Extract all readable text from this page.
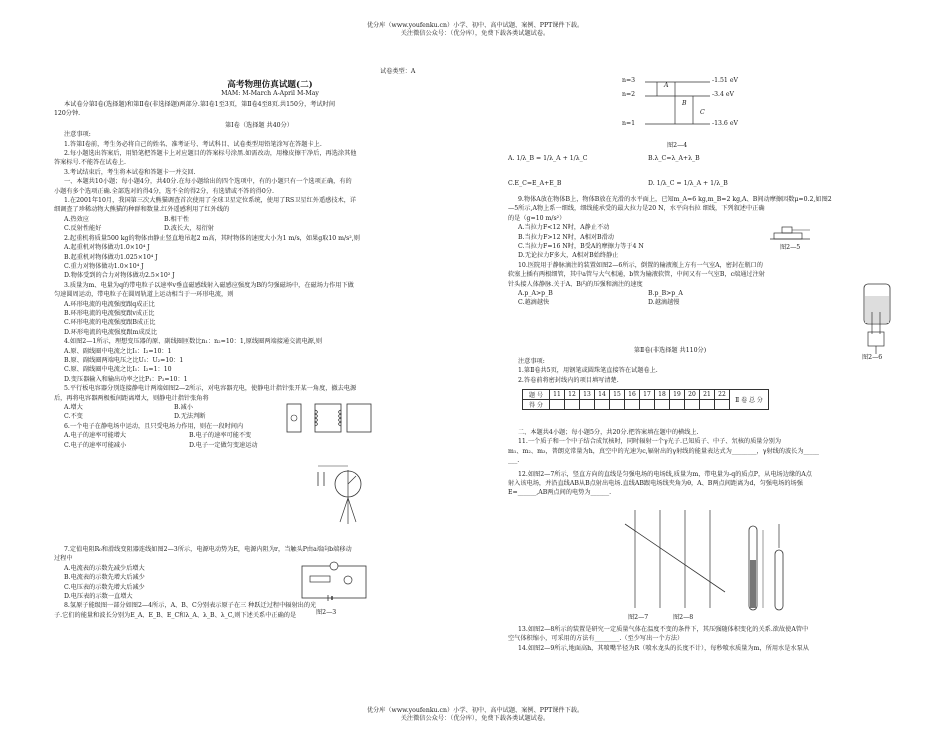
优分库（www.youfenku.cn）小学、初中、高中试题、案例、PPT课件下载。
关注微信公众号：（优分库），免费下载各类试题试卷。
优分库（www.youfenku.cn）小学、初中、高中试题、案例、PPT课件下载。
关注微信公众号：（优分库），免费下载各类试题试卷。
试卷类型：A
高考物理仿真试题(二)
MAM: M-March A-April M-May
本试卷分第Ⅰ卷(选择题)和第Ⅱ卷(非选择题)两部分.第Ⅰ卷1至3页，第Ⅱ卷4至8页.共150分，考试时间
120分钟.
第Ⅰ卷（选择题 共40分）
注意事项:
1.答第Ⅰ卷前，考生务必将自己的姓名、准考证号、考试科目、试卷类型用铅笔涂写在答题卡上.
2.每小题选出答案后，用铅笔把答题卡上对应题目的答案标号涂黑.如需改动，用橡皮擦干净后，再选涂其他
答案标号.不能答在试卷上.
3.考试结束后，考生将本试卷和答题卡一并交回.
一、本题共10小题；每小题4分，共40分.在每小题给出的四个选项中，有的小题只有一个选项正确，有的
小题有多个选项正确.全部选对的得4分，选不全的得2分，有选错或不答的得0分.
1.在2001年10月，我国第三次大熊猫调查首次使用了全球卫星定位系统，使用了RS卫星红外遥感技术，详
细调查了珍稀动物大熊猫的种群和数量.红外遥感利用了红外线的
A.热效应	B.相干性
C.反射性能好	D.波长大，易衍射
2.起重机将质量500 kg的物体由静止竖直地吊起2 m高，其时物体的速度大小为1 m/s，如果g取10 m/s²,则
A.起重机对物体做功1.0×10⁴ J
B.起重机对物体做功1.025×10⁴ J
C.重力对物体做功1.0×10⁴ J
D.物体受到的合力对物体做功2.5×10² J
3.质量为m、电量为q的带电粒子以速率v垂直磁感线射入磁感应强度为B的匀强磁场中，在磁场力作用下做
匀速圆周运动，带电粒子在圆周轨道上运动相当于一环形电流，则
A.环形电流的电流强度跟q成正比
B.环形电流的电流强度跟v成正比
C.环形电流的电流强度跟B成正比
D.环形电流的电流强度跟m成反比
4.如图2—1所示，理想变压器的原、副线圈匝数比n₁：n₂=10：1,原线圈两端接通交流电源,则
A.原、副线圈中电流之比I₁：I₂=10：1
B.原、副线圈两端电压之比U₁：U₂=10：1
C.原、副线圈中电流之比I₁：I₂=1：10
D.变压器输入和输出功率之比P₁：P₂=10：1
5.平行板电容器分别连接静电计两端如图2—2所示，对电容器充电，使静电计指针张开某一角度，撤去电源
后，再将电容器两极板间距离增大，则静电计指针张角将
A.增大	B.减小
C.不变	D.无法判断
6.一个电子在静电场中运动，且只受电场力作用，则在一段时间内
A.电子的速率可能增大	B.电子的速率可能不变
C.电子的速率可能减小	D.电子一定做匀变速运动
7.定值电阻R₀和滑线变阻器连线如图2—3所示，电源电动势为E，电源内阻为r，当触头P由a端向b端移动
过程中
A.电流表的示数先减少后增大
B.电流表的示数先增大后减少
C.电压表的示数先增大后减少
D.电压表的示数一直增大
8.氢原子能级图一部分如图2—4所示，A、B、C分别表示原子在三 种跃迁过程中辐射出的光
子.它们的能量和波长分别为E_A、E_B、E_C和λ_A、λ_B、λ_C,则下述关系中正确的是	图2—3
n=3
n=2
n=1
-1.51 eV
-3.4 eV
-13.6 eV
A
B
C
图2—4
A. 1/λ_B = 1/λ_A + 1/λ_C	B.λ_C=λ_A+λ_B
C.E_C=E_A+E_B	D. 1/λ_C = 1/λ_A + 1/λ_B
9.物体A放在物体B上，物体B放在光滑的水平面上，已知m_A=6 kg,m_B=2 kg,A、B间动摩擦因数μ=0.2,如图2
—5所示,A物上系一细线，细线能承受的最大拉力是20 N，水平向右拉 细线，下列叙述中正确
的是（g=10 m/s²）
A.当拉力F<12 N时，A静止不动
B.当拉力F>12 N时，A相对B滑动
C.当拉力F=16 N时，B受A的摩擦力等于4 N
D.无论拉力F多大，A相对B始终静止
10.医院用于静脉滴注的装置如图2—6所示，倒置的输液瓶上方有一气室A，密封在瓶口的
软塞上插有两根细管，其中a管与大气相通，b管为输液软管，中间又有一气室B，c端通过注射
针头接人体静脉.关于A、B内的压强和滴注的速度
A.p_A>p_B	B.p_B>p_A
C.越滴越快	D.越滴越慢
图2—5
图2—6
第Ⅱ卷(非选择题 共110分)
注意事项:
1.第Ⅱ卷共5页，用钢笔或圆珠笔直接答在试题卷上.
2.答卷前将密封线内的项目填写清楚.
题 号	11	12	13	14	15	16	17	18	19	20	21	22	Ⅱ 卷 总 分
得 分													
二、本题共4小题；每小题5分，共20分.把答案填在题中的横线上.
11.一个质子和一个中子结合成氘核时，同时辐射一个γ光子.已知质子、中子、氘核的质量分别为
m₁、m₂、m₃，普朗克常量为h，真空中的光速为c,辐射出的γ射线的能量表达式为________，γ射线的波长为_____
___.
12.如图2—7所示，竖直方向的直线是匀强电场的电场线,质量为m，带电量为-q的质点P，从电场边缘的A点
射入该电场，并沿直线AB从B点射出电场.直线AB跟电场线夹角为θ，A、B两点间距离为d，匀强电场的场强
E=______,AB两点间的电势为______.
图2—7	图2—8
13.如图2—8所示的装置是研究一定质量气体在温度不变的条件下，其压强随体积变化的关系.欲故使A管中
空气体积缩小，可采用的方法有________.（至少写出一个方法）
14.如图2—9所示,地面高h，其喷嘴半径为R（喷水龙头的长度不计），每秒喷水质量为m，所用水是水泵从
